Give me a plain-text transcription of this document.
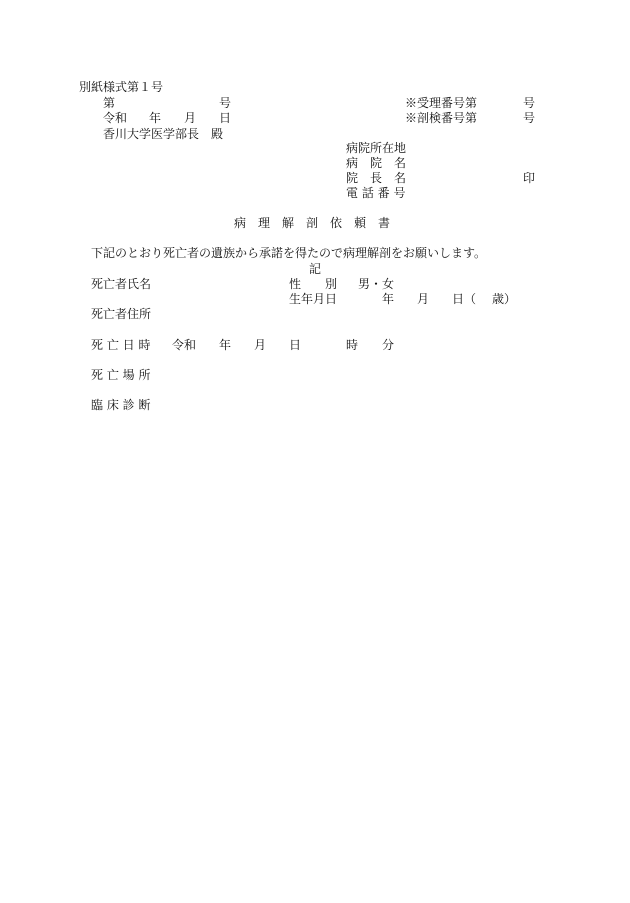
別紙様式第１号
第	号	※受理番号第	号
令和 年 月 日	※剖検番号第	号
香川大学医学部長　殿
病院所在地
病　院　名
院　長　名	印
電 話 番 号
病　理　解　剖　依　頼　書
下記のとおり死亡者の遺族から承諾を得たので病理解剖をお願いします。
記
死亡者氏名	性　　別 男・女
生年月日	年 月 日（ 歳）
死亡者住所
死 亡 日 時 令和 年 月 日	時 分
死 亡 場 所
臨 床 診 断
